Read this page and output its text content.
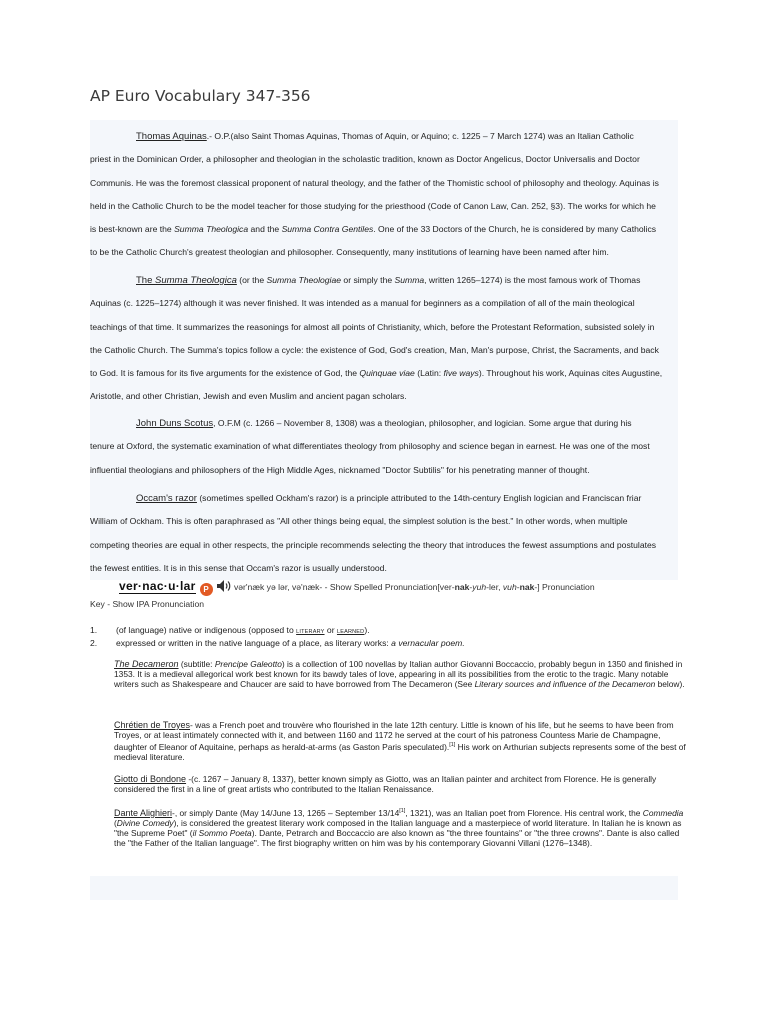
AP Euro Vocabulary 347-356
Thomas Aquinas.- O.P.(also Saint Thomas Aquinas, Thomas of Aquin, or Aquino; c. 1225 – 7 March 1274) was an Italian Catholic
priest in the Dominican Order, a philosopher and theologian in the scholastic tradition, known as Doctor Angelicus, Doctor Universalis and Doctor
Communis. He was the foremost classical proponent of natural theology, and the father of the Thomistic school of philosophy and theology. Aquinas is
held in the Catholic Church to be the model teacher for those studying for the priesthood (Code of Canon Law, Can. 252, §3). The works for which he
is best-known are the Summa Theologica and the Summa Contra Gentiles. One of the 33 Doctors of the Church, he is considered by many Catholics
to be the Catholic Church's greatest theologian and philosopher. Consequently, many institutions of learning have been named after him.
The Summa Theologica (or the Summa Theologiae or simply the Summa, written 1265–1274) is the most famous work of Thomas
Aquinas (c. 1225–1274) although it was never finished. It was intended as a manual for beginners as a compilation of all of the main theological
teachings of that time. It summarizes the reasonings for almost all points of Christianity, which, before the Protestant Reformation, subsisted solely in
the Catholic Church. The Summa's topics follow a cycle: the existence of God, God's creation, Man, Man's purpose, Christ, the Sacraments, and back
to God. It is famous for its five arguments for the existence of God, the Quinquae viae (Latin: five ways). Throughout his work, Aquinas cites Augustine,
Aristotle, and other Christian, Jewish and even Muslim and ancient pagan scholars.
John Duns Scotus, O.F.M (c. 1266 – November 8, 1308) was a theologian, philosopher, and logician. Some argue that during his
tenure at Oxford, the systematic examination of what differentiates theology from philosophy and science began in earnest. He was one of the most
influential theologians and philosophers of the High Middle Ages, nicknamed "Doctor Subtilis" for his penetrating manner of thought.
Occam's razor (sometimes spelled Ockham's razor) is a principle attributed to the 14th-century English logician and Franciscan friar
William of Ockham. This is often paraphrased as "All other things being equal, the simplest solution is the best." In other words, when multiple
competing theories are equal in other respects, the principle recommends selecting the theory that introduces the fewest assumptions and postulates
the fewest entities. It is in this sense that Occam's razor is usually understood.
ver·nac·u·lar P	vər'næk yə lər, və'næk- - Show Spelled Pronunciation[ver-nak-yuh-ler, vuh-nak-] Pronunciation
Key - Show IPA Pronunciation
1.	(of language) native or indigenous (opposed to LITERARY or LEARNED).
2.	expressed or written in the native language of a place, as literary works: a vernacular poem.
The Decameron (subtitle: Prencipe Galeotto) is a collection of 100 novellas by Italian author Giovanni Boccaccio, probably begun in 1350 and finished in 1353. It is a medieval allegorical work best known for its bawdy tales of love, appearing in all its possibilities from the erotic to the tragic. Many notable writers such as Shakespeare and Chaucer are said to have borrowed from The Decameron (See Literary sources and influence of the Decameron below).
Chrétien de Troyes- was a French poet and trouvère who flourished in the late 12th century. Little is known of his life, but he seems to have been from Troyes, or at least intimately connected with it, and between 1160 and 1172 he served at the court of his patroness Countess Marie de Champagne, daughter of Eleanor of Aquitaine, perhaps as herald-at-arms (as Gaston Paris speculated).[1] His work on Arthurian subjects represents some of the best of medieval literature.
Giotto di Bondone -(c. 1267 – January 8, 1337), better known simply as Giotto, was an Italian painter and architect from Florence. He is generally considered the first in a line of great artists who contributed to the Italian Renaissance.
Dante Alighieri-, or simply Dante (May 14/June 13, 1265 – September 13/14[1], 1321), was an Italian poet from Florence. His central work, the Commedia (Divine Comedy), is considered the greatest literary work composed in the Italian language and a masterpiece of world literature. In Italian he is known as "the Supreme Poet" (il Sommo Poeta). Dante, Petrarch and Boccaccio are also known as "the three fountains" or "the three crowns". Dante is also called the "the Father of the Italian language". The first biography written on him was by his contemporary Giovanni Villani (1276–1348).
